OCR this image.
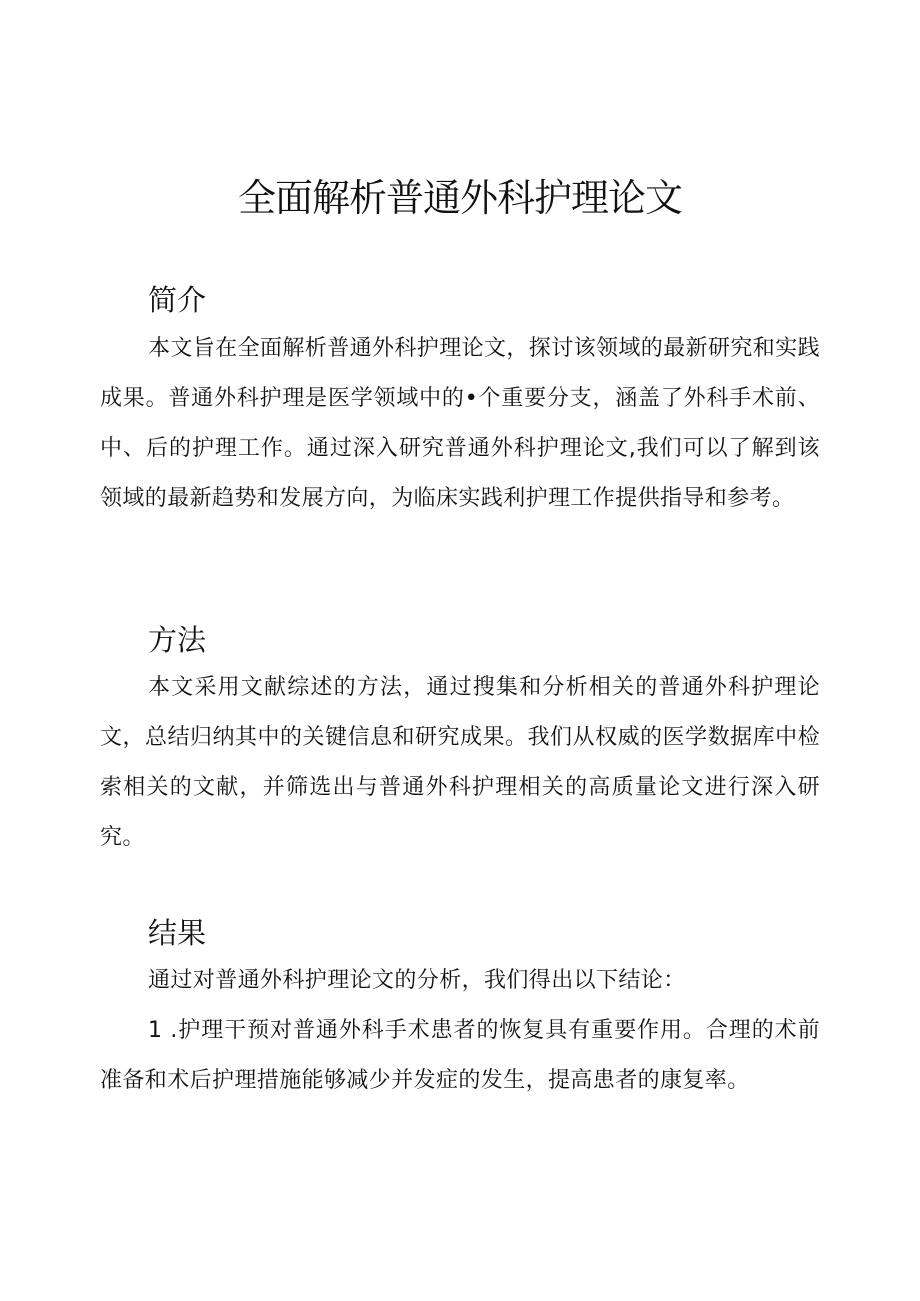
全面解析普通外科护理论文
简介

本文旨在全面解析普通外科护理论文，探讨该领域的最新研究和实践成果。普通外科护理是医学领域中的•个重要分支，涵盖了外科手术前、中、后的护理工作。通过深入研究普通外科护理论文,我们可以了解到该领域的最新趋势和发展方向，为临床实践利护理工作提供指导和参考。

方法

本文采用文献综述的方法，通过搜集和分析相关的普通外科护理论文，总结归纳其中的关键信息和研究成果。我们从权威的医学数据库中检索相关的文献，并筛选出与普通外科护理相关的高质量论文进行深入研究。

结果

通过对普通外科护理论文的分析，我们得出以下结论：

1 .护理干预对普通外科手术患者的恢复具有重要作用。合理的术前准备和术后护理措施能够减少并发症的发生，提高患者的康复率。
